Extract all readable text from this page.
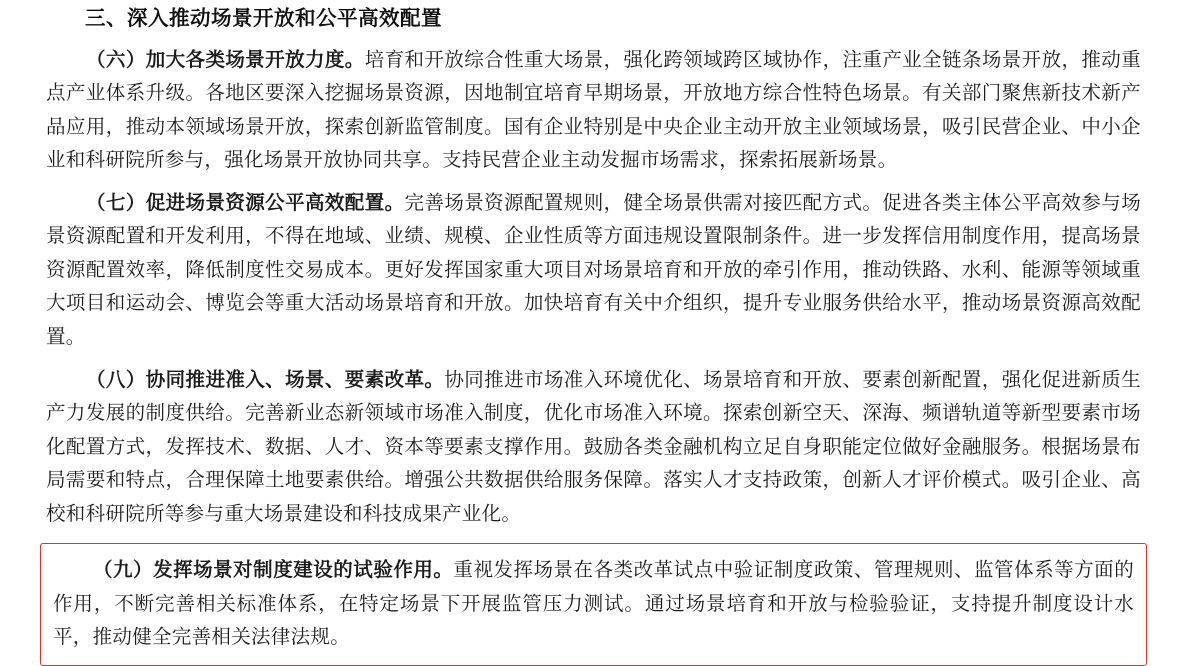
三、深入推动场景开放和公平高效配置

（六）加大各类场景开放力度。培育和开放综合性重大场景，强化跨领域跨区域协作，注重产业全链条场景开放，推动重点产业体系升级。各地区要深入挖掘场景资源，因地制宜培育早期场景，开放地方综合性特色场景。有关部门聚焦新技术新产品应用，推动本领域场景开放，探索创新监管制度。国有企业特别是中央企业主动开放主业领域场景，吸引民营企业、中小企业和科研院所参与，强化场景开放协同共享。支持民营企业主动发掘市场需求，探索拓展新场景。

（七）促进场景资源公平高效配置。完善场景资源配置规则，健全场景供需对接匹配方式。促进各类主体公平高效参与场景资源配置和开发利用，不得在地域、业绩、规模、企业性质等方面违规设置限制条件。进一步发挥信用制度作用，提高场景资源配置效率，降低制度性交易成本。更好发挥国家重大项目对场景培育和开放的牵引作用，推动铁路、水利、能源等领域重大项目和运动会、博览会等重大活动场景培育和开放。加快培育有关中介组织，提升专业服务供给水平，推动场景资源高效配置。

（八）协同推进准入、场景、要素改革。协同推进市场准入环境优化、场景培育和开放、要素创新配置，强化促进新质生产力发展的制度供给。完善新业态新领域市场准入制度，优化市场准入环境。探索创新空天、深海、频谱轨道等新型要素市场化配置方式，发挥技术、数据、人才、资本等要素支撑作用。鼓励各类金融机构立足自身职能定位做好金融服务。根据场景布局需要和特点，合理保障土地要素供给。增强公共数据供给服务保障。落实人才支持政策，创新人才评价模式。吸引企业、高校和科研院所等参与重大场景建设和科技成果产业化。

（九）发挥场景对制度建设的试验作用。重视发挥场景在各类改革试点中验证制度政策、管理规则、监管体系等方面的作用，不断完善相关标准体系，在特定场景下开展监管压力测试。通过场景培育和开放与检验验证，支持提升制度设计水平，推动健全完善相关法律法规。
